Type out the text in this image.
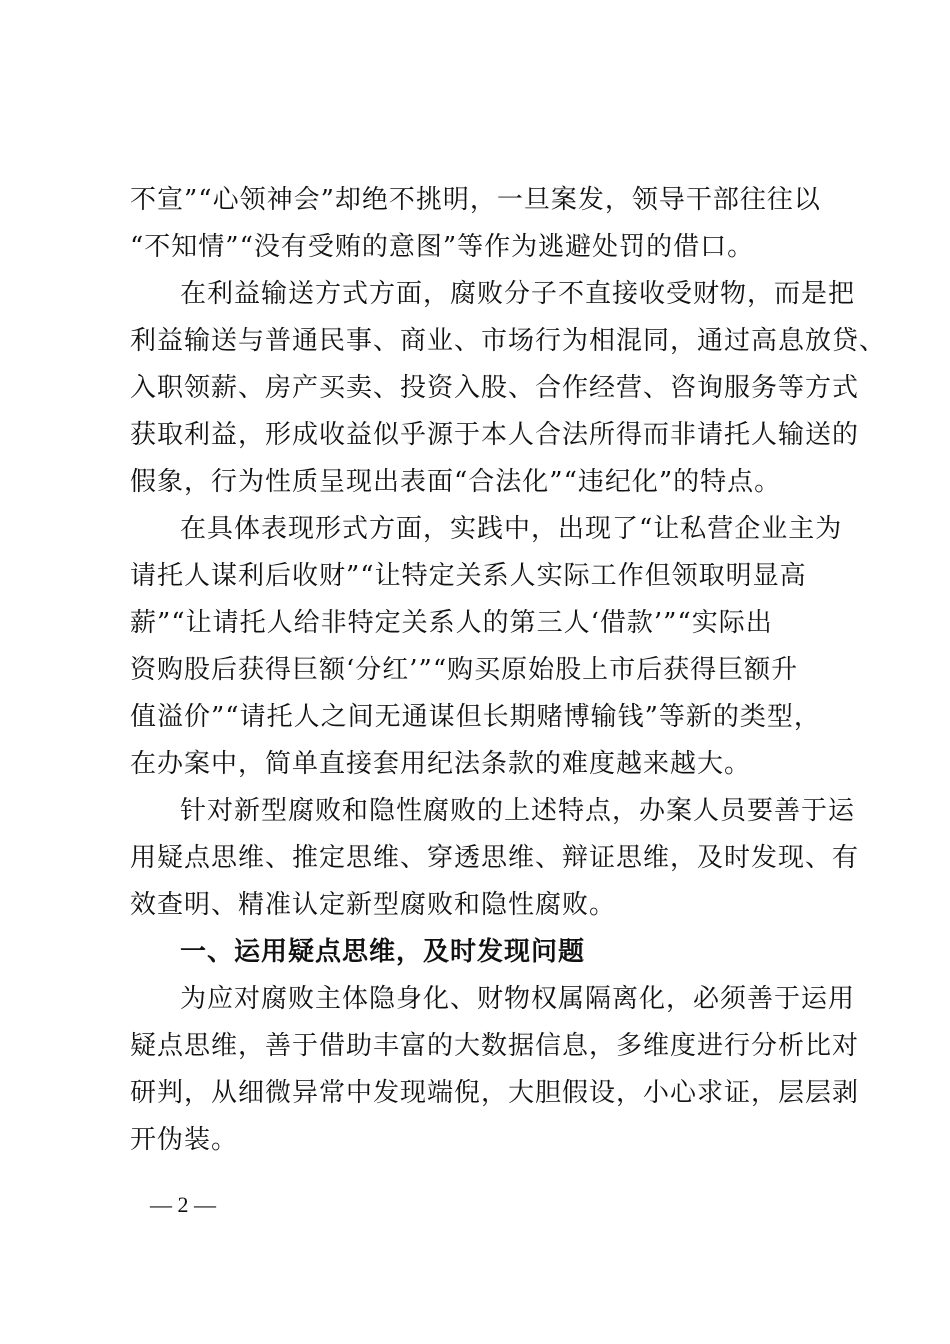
不宣”“心领神会”却绝不挑明，一旦案发，领导干部往往以
“不知情”“没有受贿的意图”等作为逃避处罚的借口。
在利益输送方式方面，腐败分子不直接收受财物，而是把
利益输送与普通民事、商业、市场行为相混同，通过高息放贷、
入职领薪、房产买卖、投资入股、合作经营、咨询服务等方式
获取利益，形成收益似乎源于本人合法所得而非请托人输送的
假象，行为性质呈现出表面“合法化”“违纪化”的特点。
在具体表现形式方面，实践中，出现了“让私营企业主为
请托人谋利后收财”“让特定关系人实际工作但领取明显高
薪”“让请托人给非特定关系人的第三人‘借款’”“实际出
资购股后获得巨额‘分红’”“购买原始股上市后获得巨额升
值溢价”“请托人之间无通谋但长期赌博输钱”等新的类型，
在办案中，简单直接套用纪法条款的难度越来越大。
针对新型腐败和隐性腐败的上述特点，办案人员要善于运
用疑点思维、推定思维、穿透思维、辩证思维，及时发现、有
效查明、精准认定新型腐败和隐性腐败。
一、运用疑点思维，及时发现问题
为应对腐败主体隐身化、财物权属隔离化，必须善于运用
疑点思维，善于借助丰富的大数据信息，多维度进行分析比对
研判，从细微异常中发现端倪，大胆假设，小心求证，层层剥
开伪装。
— 2 —
